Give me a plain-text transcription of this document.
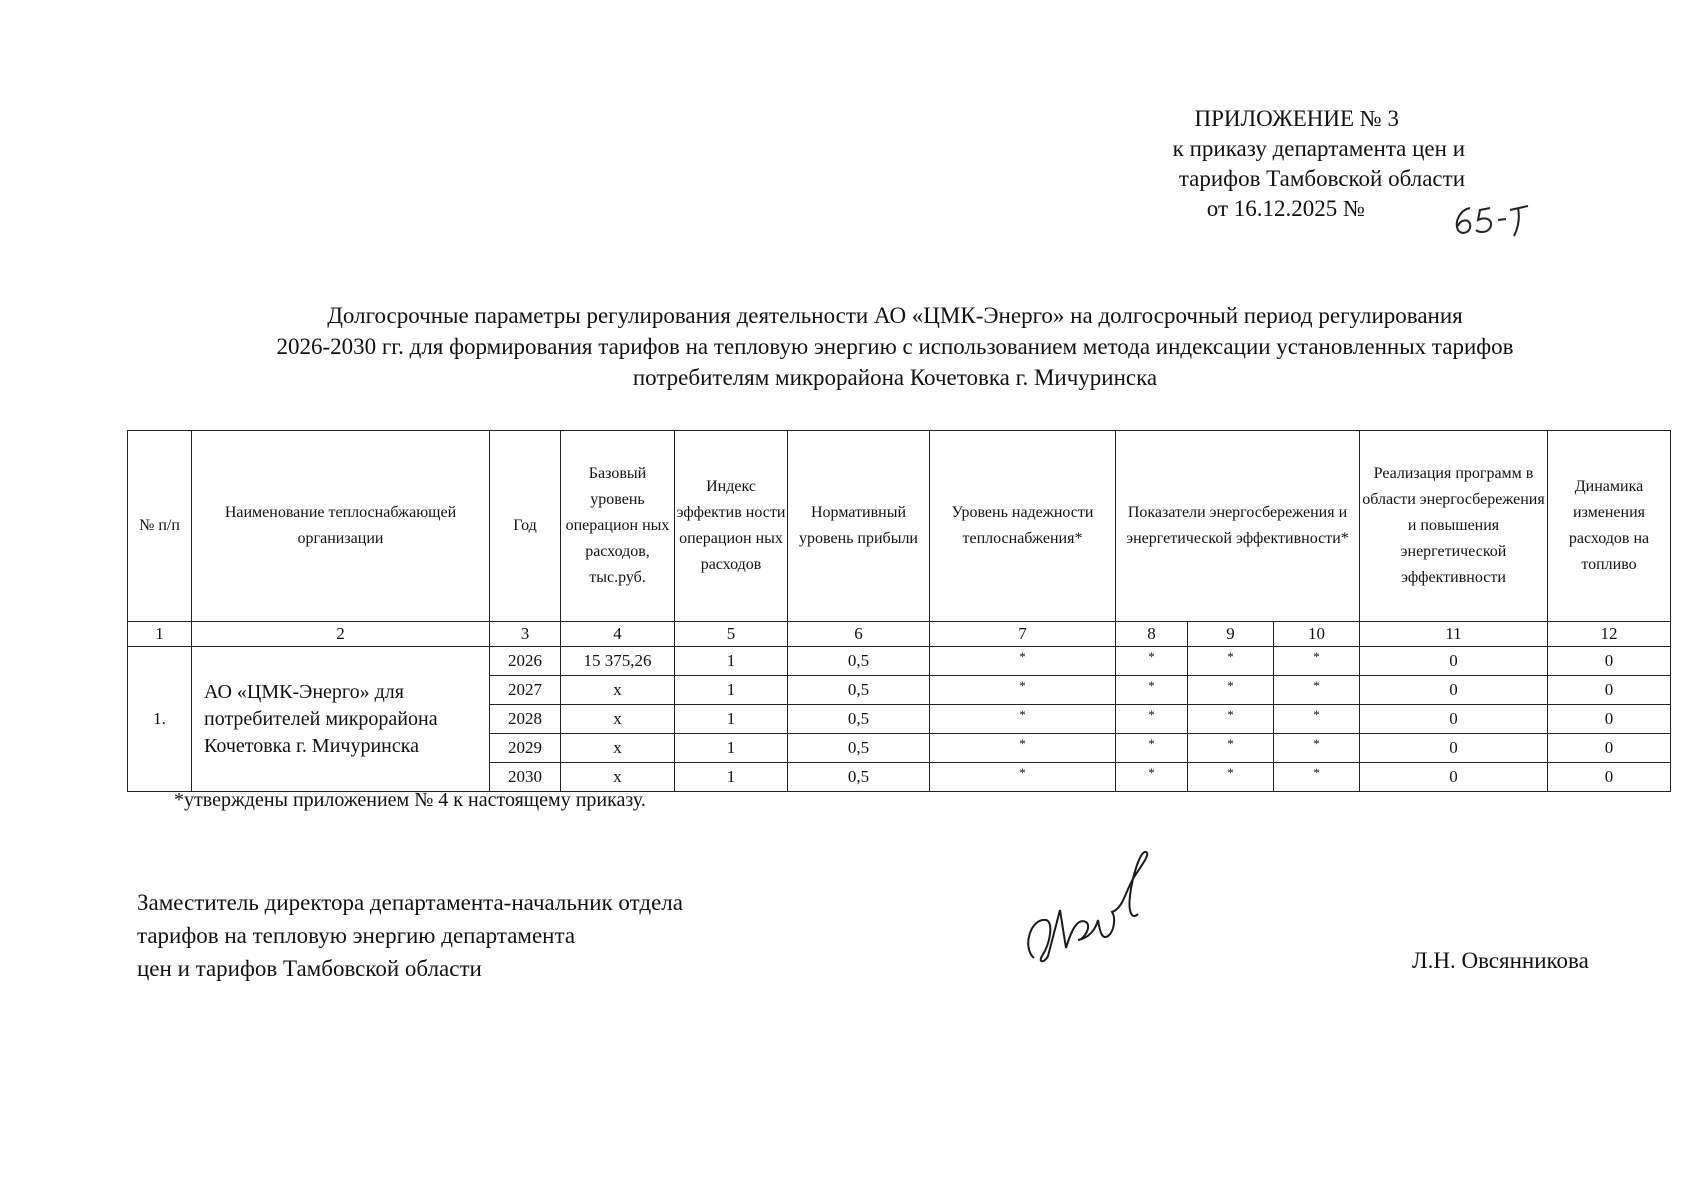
ПРИЛОЖЕНИЕ № 3
к приказу департамента цен и
тарифов Тамбовской области
от 16.12.2025 №
Долгосрочные параметры регулирования деятельности АО «ЦМК-Энерго» на долгосрочный период регулирования
2026-2030 гг. для формирования тарифов на тепловую энергию с использованием метода индексации установленных тарифов
потребителям микрорайона Кочетовка г. Мичуринска
№ п/п	Наименование теплоснабжающей организации	Год	Базовый уровень операцион ных расходов, тыс.руб.	Индекс эффектив ности операцион ных расходов	Нормативный уровень прибыли	Уровень надежности теплоснабжения*	Показатели энергосбережения и энергетической эффективности*			Реализация программ в области энергосбережения и повышения энергетической эффективности	Динамика изменения расходов на топливо
1	2	3	4	5	6	7	8	9	10	11	12
1.	АО «ЦМК-Энерго» для потребителей микрорайона Кочетовка г. Мичуринска	2026	15 375,26	1	0,5	*	*	*	*	0	0
		2027	х	1	0,5	*	*	*	*	0	0
		2028	х	1	0,5	*	*	*	*	0	0
		2029	х	1	0,5	*	*	*	*	0	0
		2030	х	1	0,5	*	*	*	*	0	0
*утверждены приложением № 4 к настоящему приказу.
Заместитель директора департамента-начальник отдела
тарифов на тепловую энергию департамента
цен и тарифов Тамбовской области	Л.Н. Овсянникова
